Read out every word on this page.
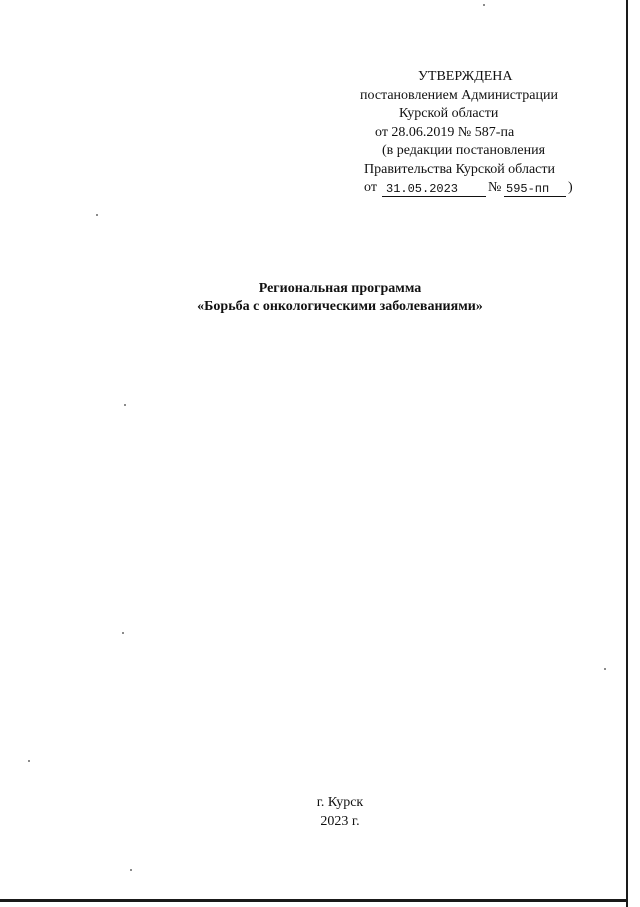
УТВЕРЖДЕНА
постановлением Администрации
Курской области
от 28.06.2019 № 587-па
(в редакции постановления
Правительства Курской области
от 31.05.2023 № 595-пп )
Региональная программа
«Борьба с онкологическими заболеваниями»
г. Курск
2023 г.
